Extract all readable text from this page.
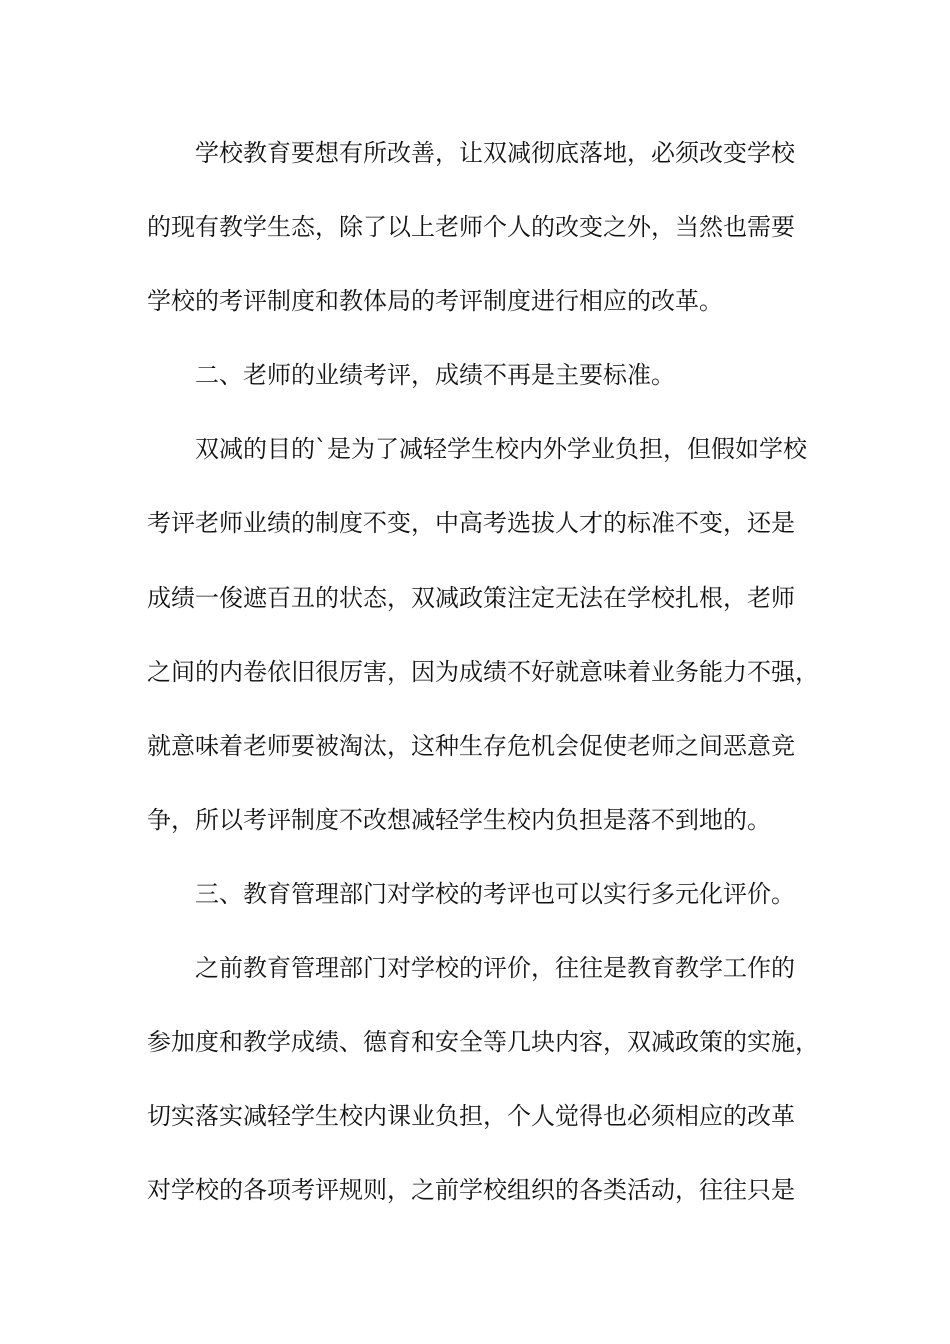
　　学校教育要想有所改善，让双减彻底落地，必须改变学校

的现有教学生态，除了以上老师个人的改变之外，当然也需要

学校的考评制度和教体局的考评制度进行相应的改革。

　　二、老师的业绩考评，成绩不再是主要标准。

　　双减的目的`是为了减轻学生校内外学业负担，但假如学校

考评老师业绩的制度不变，中高考选拔人才的标准不变，还是

成绩一俊遮百丑的状态，双减政策注定无法在学校扎根，老师

之间的内卷依旧很厉害，因为成绩不好就意味着业务能力不强，

就意味着老师要被淘汰，这种生存危机会促使老师之间恶意竞

争，所以考评制度不改想减轻学生校内负担是落不到地的。

　　三、教育管理部门对学校的考评也可以实行多元化评价。

　　之前教育管理部门对学校的评价，往往是教育教学工作的

参加度和教学成绩、德育和安全等几块内容，双减政策的实施，

切实落实减轻学生校内课业负担，个人觉得也必须相应的改革

对学校的各项考评规则，之前学校组织的各类活动，往往只是
